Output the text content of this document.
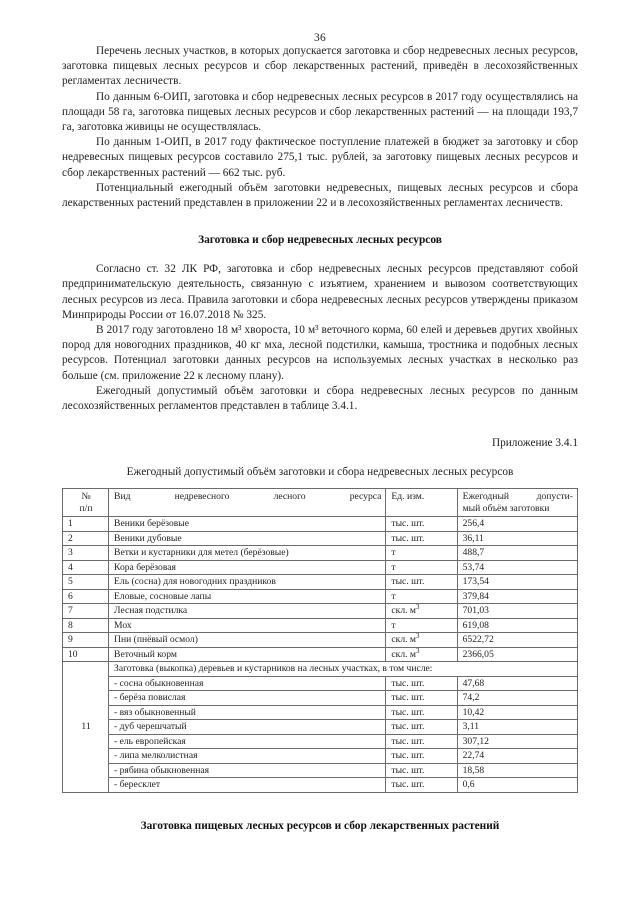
36

Перечень лесных участков, в которых допускается заготовка и сбор недревесных лесных ресурсов, заготовка пищевых лесных ресурсов и сбор лекарственных растений, приведён в лесохозяйственных регламентах лесничеств.

По данным 6-ОИП, заготовка и сбор недревесных лесных ресурсов в 2017 году осуществлялись на площади 58 га, заготовка пищевых лесных ресурсов и сбор лекарственных растений — на площади 193,7 га, заготовка живицы не осуществлялась.

По данным 1-ОИП, в 2017 году фактическое поступление платежей в бюджет за заготовку и сбор недревесных пищевых ресурсов составило 275,1 тыс. рублей, за заготовку пищевых лесных ресурсов и сбор лекарственных растений — 662 тыс. руб.

Потенциальный ежегодный объём заготовки недревесных, пищевых лесных ресурсов и сбора лекарственных растений представлен в приложении 22 и в лесохозяйственных регламентах лесничеств.

Заготовка и сбор недревесных лесных ресурсов

Согласно ст. 32 ЛК РФ, заготовка и сбор недревесных лесных ресурсов представляют собой предпринимательскую деятельность, связанную с изъятием, хранением и вывозом соответствующих лесных ресурсов из леса. Правила заготовки и сбора недревесных лесных ресурсов утверждены приказом Минприроды России от 16.07.2018 № 325.

В 2017 году заготовлено 18 м³ хвороста, 10 м³ веточного корма, 60 елей и деревьев других хвойных пород для новогодних праздников, 40 кг мха, лесной подстилки, камыша, тростника и подобных лесных ресурсов. Потенциал заготовки данных ресурсов на используемых лесных участках в несколько раз больше (см. приложение 22 к лесному плану).

Ежегодный допустимый объём заготовки и сбора недревесных лесных ресурсов по данным лесохозяйственных регламентов представлен в таблице 3.4.1.

Приложение 3.4.1
Ежегодный допустимый объём заготовки и сбора недревесных лесных ресурсов
№
п/п	Вид недревесного лесного ресурса	Ед. изм.	Ежегодный допусти-
мый объём заготовки
1	Веники берёзовые	тыс. шт.	256,4
2	Веники дубовые	тыс. шт.	36,11
3	Ветки и кустарники для метел (берёзовые)	т	488,7
4	Кора берёзовая	т	53,74
5	Ель (сосна) для новогодних праздников	тыс. шт.	173,54
6	Еловые, сосновые лапы	т	379,84
7	Лесная подстилка	скл. $м^3$	701,03
8	Мох	т	619,08
9	Пни (пнёвый осмол)	скл. $м^3$	6522,72
10	Веточный корм	скл. $м^3$	2366,05
11	Заготовка (выкопка) деревьев и кустарников на лесных участках, в том числе:		
	- сосна обыкновенная	тыс. шт.	47,68
	- берёза повислая	тыс. шт.	74,2
	- вяз обыкновенный	тыс. шт.	10,42
	- дуб черешчатый	тыс. шт.	3,11
	- ель европейская	тыс. шт.	307,12
	- липа мелколистная	тыс. шт.	22,74
	- рябина обыкновенная	тыс. шт.	18,58
	- бересклет	тыс. шт.	0,6
Заготовка пищевых лесных ресурсов и сбор лекарственных растений
